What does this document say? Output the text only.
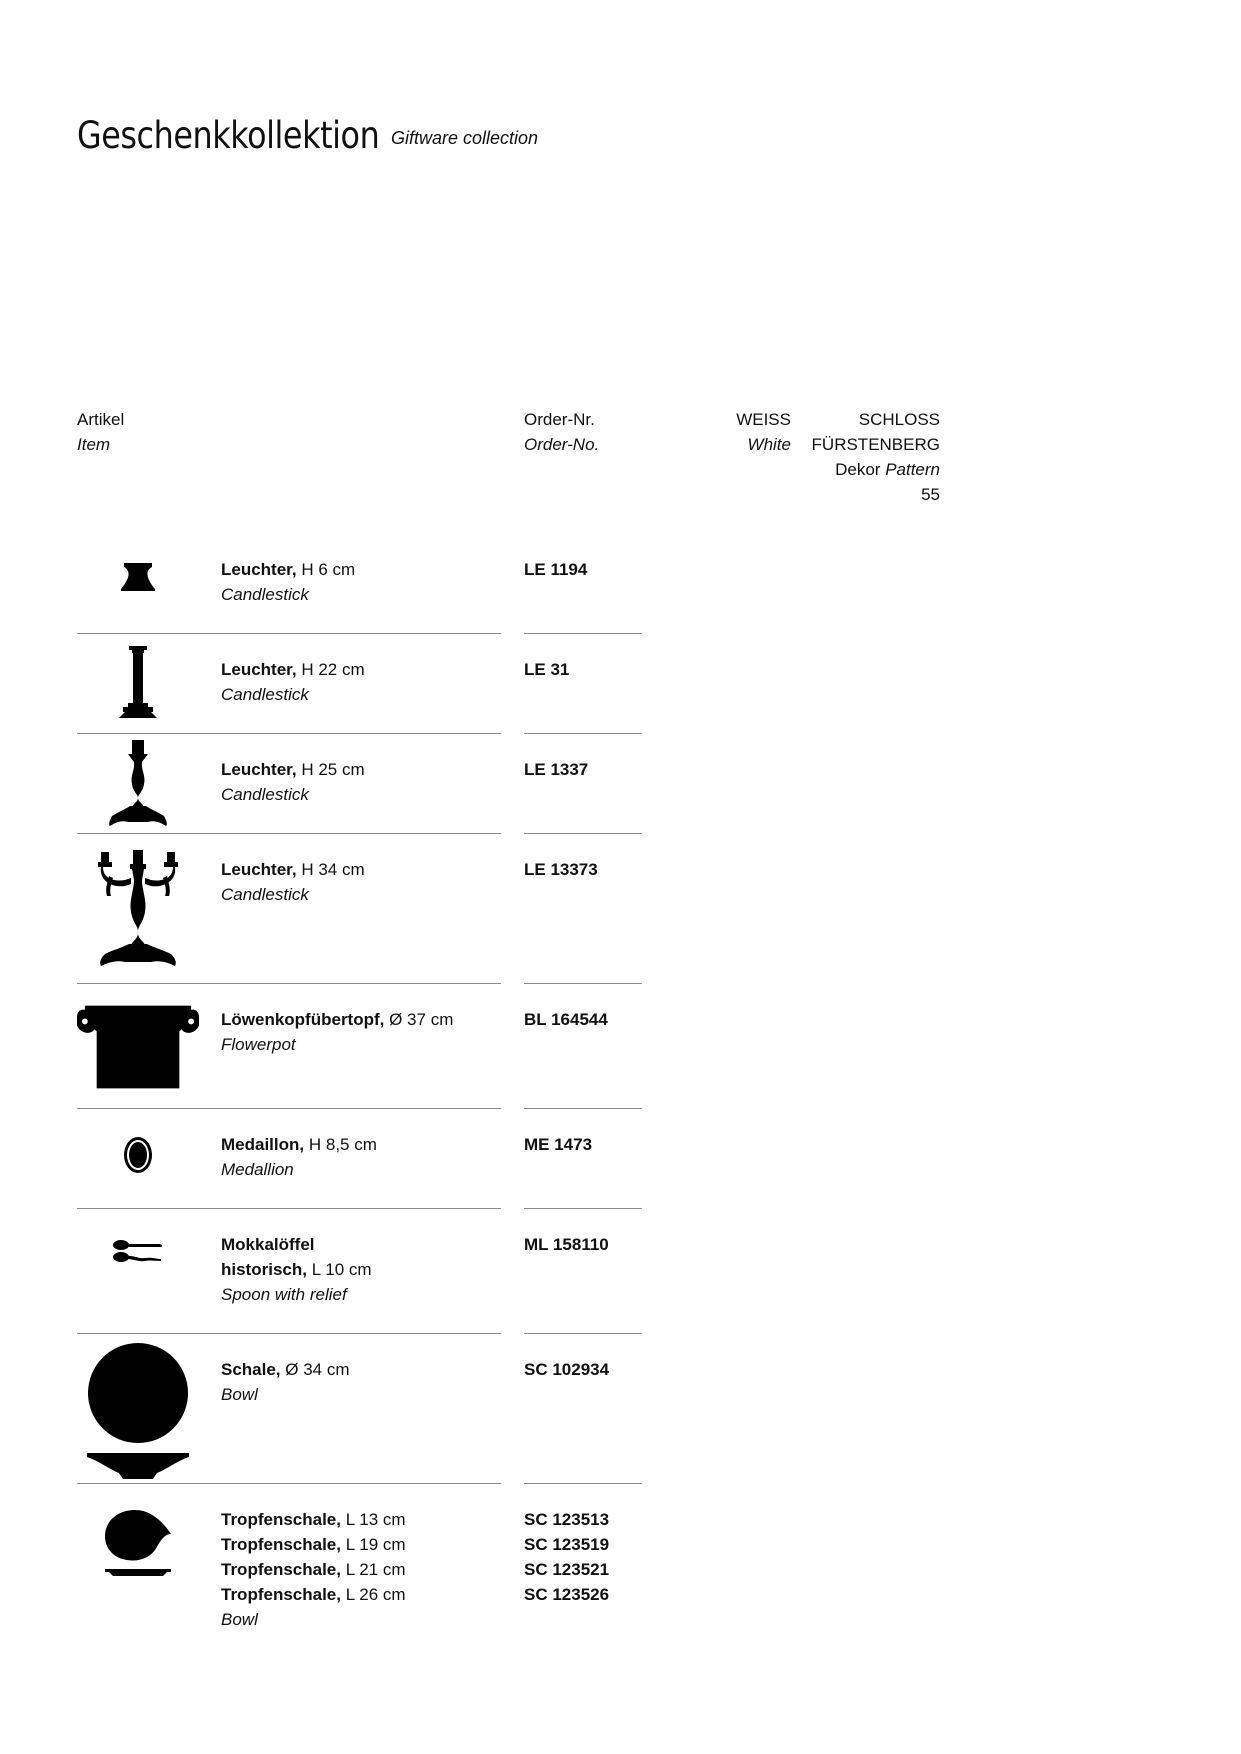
Geschenkkollektion Giftware collection
Artikel
Item
Order-Nr.
Order-No.
WEISS
White
SCHLOSS
FÜRSTENBERG
Dekor Pattern
55
Leuchter, H 6 cm
Candlestick
LE 1194
Leuchter, H 22 cm
Candlestick
LE 31
Leuchter, H 25 cm
Candlestick
LE 1337
Leuchter, H 34 cm
Candlestick
LE 13373
Löwenkopfübertopf, Ø 37 cm
Flowerpot
BL 164544
Medaillon, H 8,5 cm
Medallion
ME 1473
Mokkalöffel
historisch, L 10 cm
Spoon with relief
ML 158110
Schale, Ø 34 cm
Bowl
SC 102934
Tropfenschale, L 13 cm
Tropfenschale, L 19 cm
Tropfenschale, L 21 cm
Tropfenschale, L 26 cm
Bowl
SC 123513
SC 123519
SC 123521
SC 123526
